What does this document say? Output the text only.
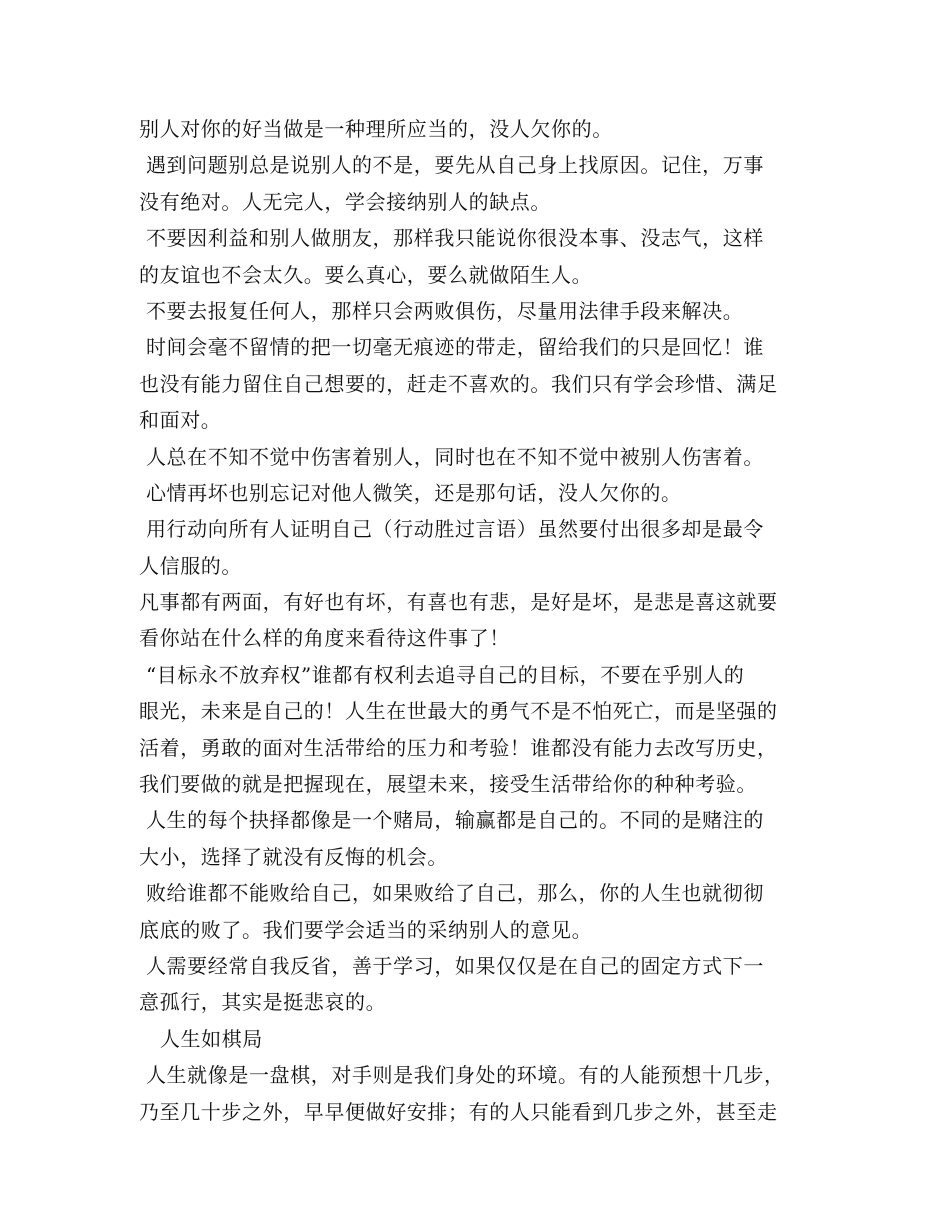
别人对你的好当做是一种理所应当的，没人欠你的。
遇到问题别总是说别人的不是，要先从自己身上找原因。记住，万事
没有绝对。人无完人，学会接纳别人的缺点。
不要因利益和别人做朋友，那样我只能说你很没本事、没志气，这样
的友谊也不会太久。要么真心，要么就做陌生人。
不要去报复任何人，那样只会两败俱伤，尽量用法律手段来解决。
时间会毫不留情的把一切毫无痕迹的带走，留给我们的只是回忆！谁
也没有能力留住自己想要的，赶走不喜欢的。我们只有学会珍惜、满足
和面对。
人总在不知不觉中伤害着别人，同时也在不知不觉中被别人伤害着。
心情再坏也别忘记对他人微笑，还是那句话，没人欠你的。
用行动向所有人证明自己（行动胜过言语）虽然要付出很多却是最令
人信服的。
凡事都有两面，有好也有坏，有喜也有悲，是好是坏，是悲是喜这就要
看你站在什么样的角度来看待这件事了！
“目标永不放弃权”谁都有权利去追寻自己的目标，不要在乎别人的
眼光，未来是自己的！人生在世最大的勇气不是不怕死亡，而是坚强的
活着，勇敢的面对生活带给的压力和考验！谁都没有能力去改写历史，
我们要做的就是把握现在，展望未来，接受生活带给你的种种考验。
人生的每个抉择都像是一个赌局，输赢都是自己的。不同的是赌注的
大小，选择了就没有反悔的机会。
败给谁都不能败给自己，如果败给了自己，那么，你的人生也就彻彻
底底的败了。我们要学会适当的采纳别人的意见。
人需要经常自我反省，善于学习，如果仅仅是在自己的固定方式下一
意孤行，其实是挺悲哀的。
人生如棋局
人生就像是一盘棋，对手则是我们身处的环境。有的人能预想十几步，
乃至几十步之外，早早便做好安排；有的人只能看到几步之外，甚至走
